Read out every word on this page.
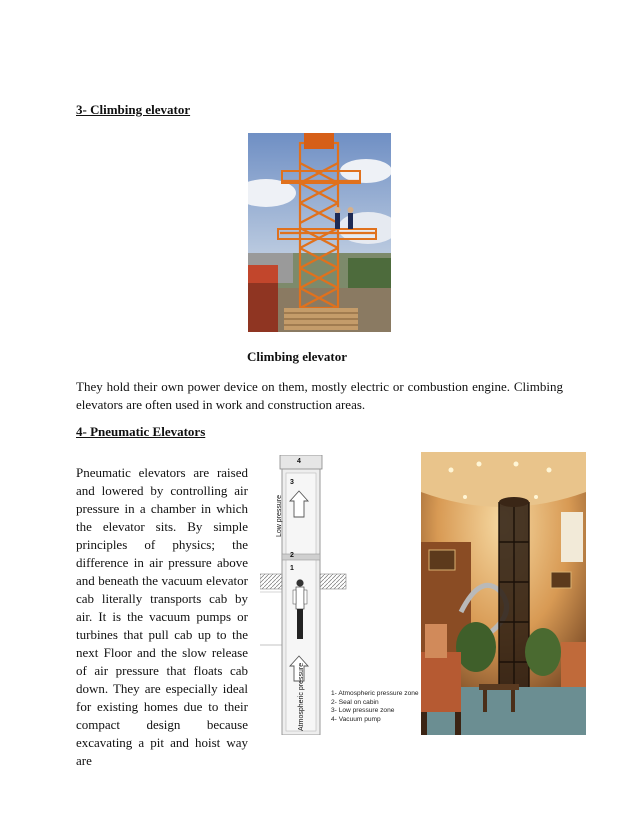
3- Climbing elevator
Climbing elevator
They hold their own power device on them, mostly electric or combustion engine. Climbing elevators are often used in work and construction areas.
4- Pneumatic Elevators
Pneumatic elevators are raised and lowered by controlling air pressure in a chamber in which the elevator sits. By simple principles of physics; the difference in air pressure above and beneath the vacuum elevator cab literally transports cab by air. It is the vacuum pumps or turbines that pull cab up to the next Floor and the slow release of air pressure that floats cab down. They are especially ideal for existing homes due to their compact design because excavating a pit and hoist way are
4
3
2
1
Low pressure
Atmospheric pressure	1- Atmospheric pressure zone
2- Seal on cabin
3- Low pressure zone
4- Vacuum pump
